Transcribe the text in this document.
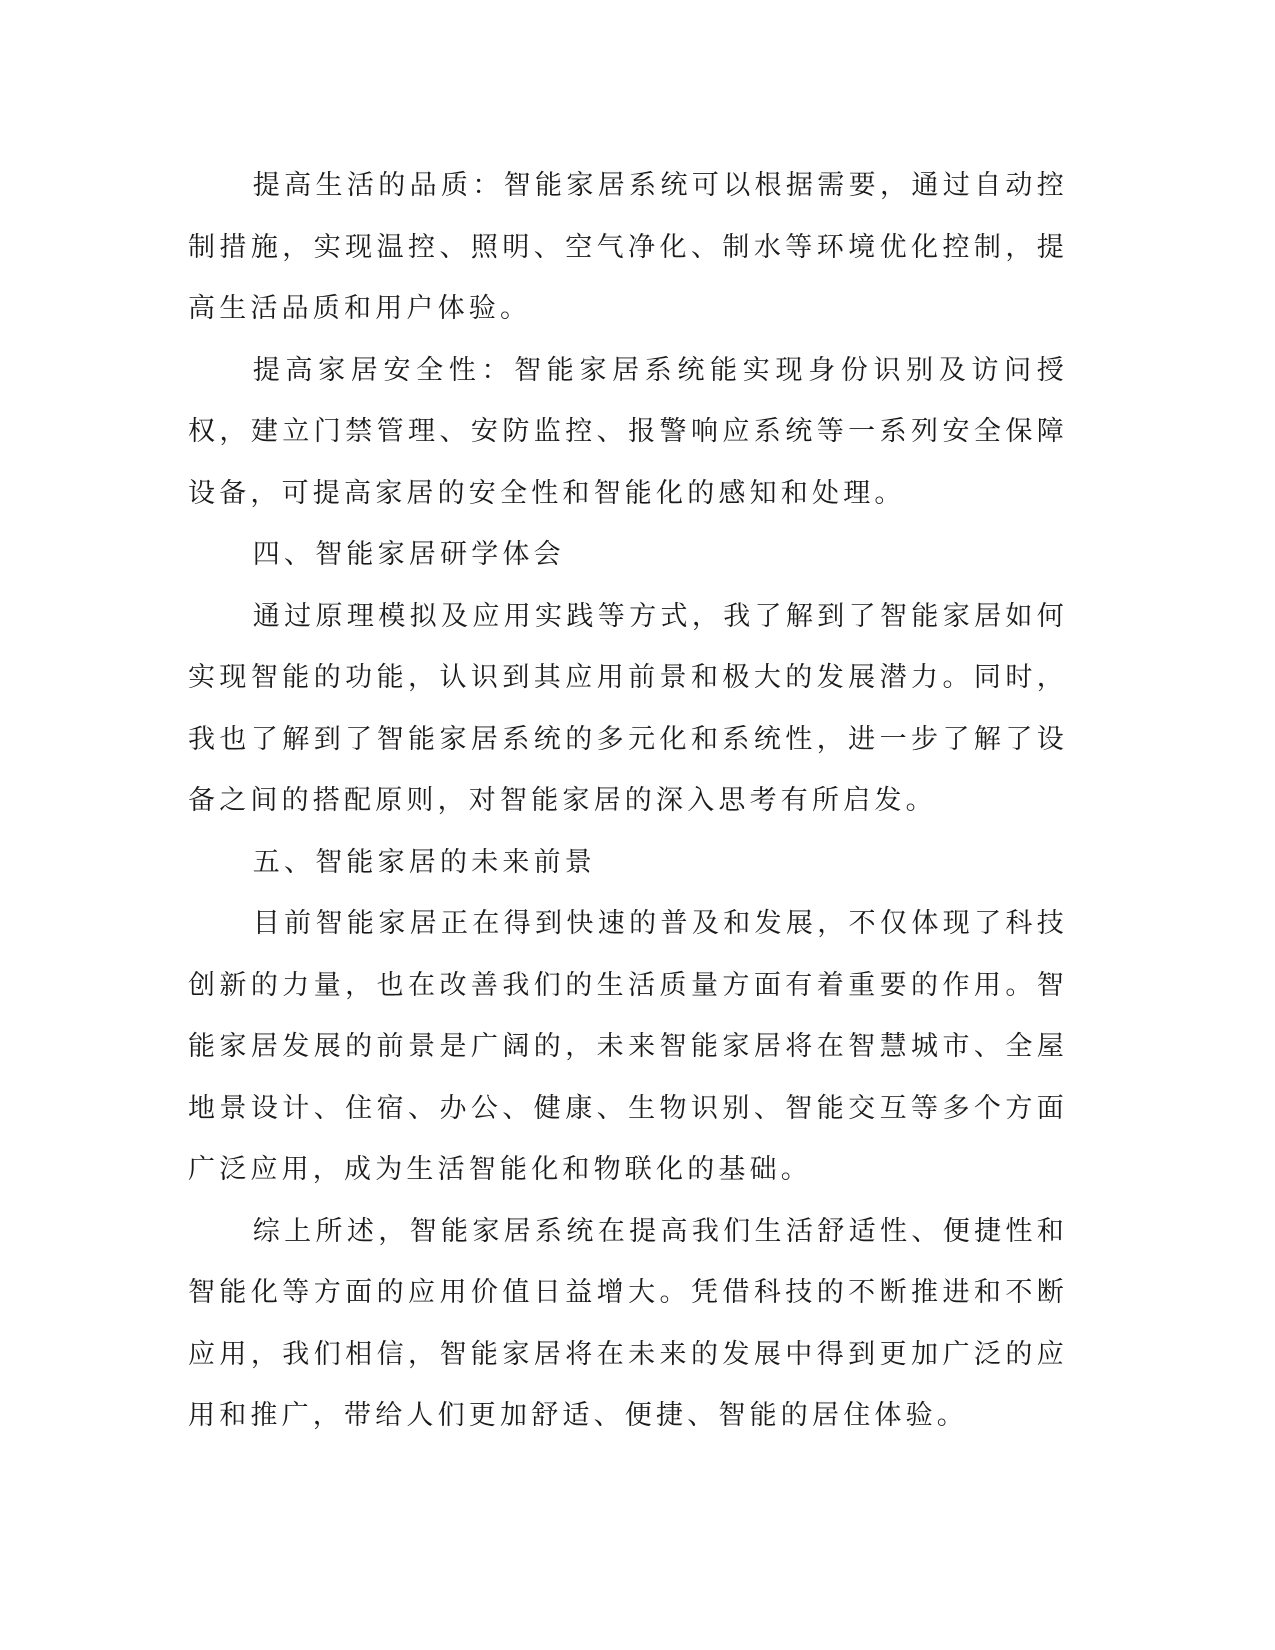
提高生活的品质：智能家居系统可以根据需要，通过自动控制措施，实现温控、照明、空气净化、制水等环境优化控制，提高生活品质和用户体验。

提高家居安全性：智能家居系统能实现身份识别及访问授权，建立门禁管理、安防监控、报警响应系统等一系列安全保障设备，可提高家居的安全性和智能化的感知和处理。

四、智能家居研学体会

通过原理模拟及应用实践等方式，我了解到了智能家居如何实现智能的功能，认识到其应用前景和极大的发展潜力。同时，我也了解到了智能家居系统的多元化和系统性，进一步了解了设备之间的搭配原则，对智能家居的深入思考有所启发。

五、智能家居的未来前景

目前智能家居正在得到快速的普及和发展，不仅体现了科技创新的力量，也在改善我们的生活质量方面有着重要的作用。智能家居发展的前景是广阔的，未来智能家居将在智慧城市、全屋地景设计、住宿、办公、健康、生物识别、智能交互等多个方面广泛应用，成为生活智能化和物联化的基础。

综上所述，智能家居系统在提高我们生活舒适性、便捷性和智能化等方面的应用价值日益增大。凭借科技的不断推进和不断应用，我们相信，智能家居将在未来的发展中得到更加广泛的应用和推广，带给人们更加舒适、便捷、智能的居住体验。
